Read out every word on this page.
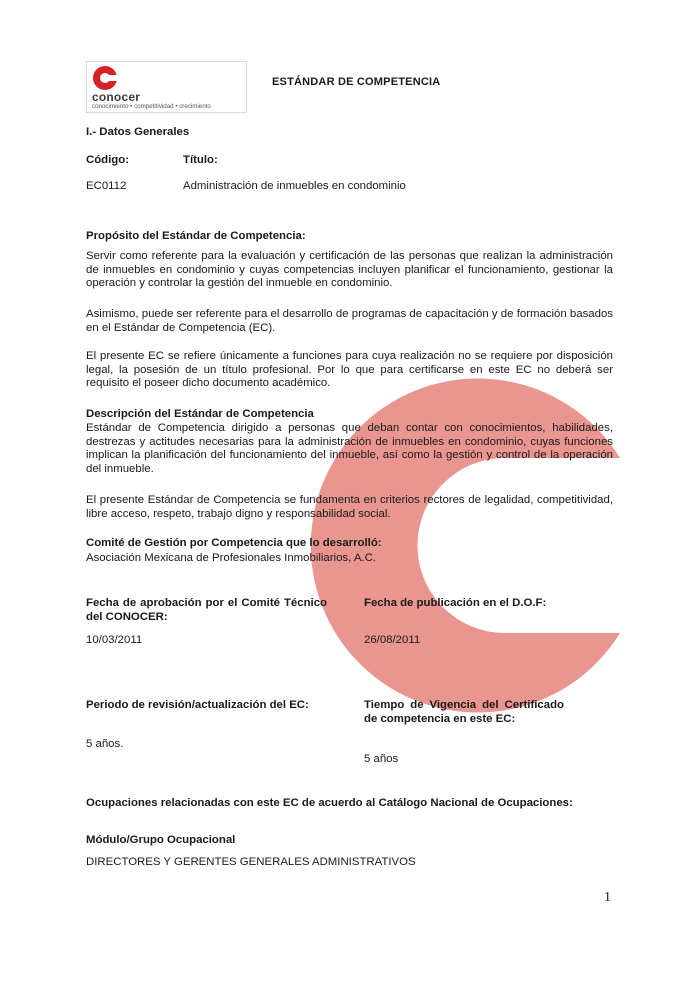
conocer
conocimiento • competitividad • crecimiento
ESTÁNDAR DE COMPETENCIA
I.- Datos Generales
Código:	Título:
EC0112	Administración de inmuebles en condominio
Propósito del Estándar de Competencia:
Servir como referente para la evaluación y certificación de las personas que realizan la administración de inmuebles en condominio y cuyas competencias incluyen planificar el funcionamiento, gestionar la operación y controlar la gestión del inmueble en condominio.
Asimismo, puede ser referente para el desarrollo de programas de capacitación y de formación basados en el Estándar de Competencia (EC).
El presente EC se refiere únicamente a funciones para cuya realización no se requiere por disposición legal, la posesión de un título profesional. Por lo que para certificarse en este EC no deberá ser requisito el poseer dicho documento académico.
Descripción del Estándar de Competencia
Estándar de Competencia dirigido a personas que deban contar con conocimientos, habilidades, destrezas y actitudes necesarias para la administración de inmuebles en condominio, cuyas funciones implican la planificación del funcionamiento del inmueble, así como la gestión y control de la operación del inmueble.
El presente Estándar de Competencia se fundamenta en criterios rectores de legalidad, competitividad, libre acceso, respeto, trabajo digno y responsabilidad social.
Comité de Gestión por Competencia que lo desarrolló:
Asociación Mexicana de Profesionales Inmobiliarios, A.C.
Fecha de aprobación por el Comité Técnico del CONOCER:
10/03/2011
Fecha de publicación en el D.O.F:
26/08/2011
Periodo de revisión/actualización del EC:
5 años.
Tiempo de Vigencia del Certificado de competencia en este EC:
5 años
Ocupaciones relacionadas con este EC de acuerdo al Catálogo Nacional de Ocupaciones:
Módulo/Grupo Ocupacional
DIRECTORES Y GERENTES GENERALES ADMINISTRATIVOS
1
